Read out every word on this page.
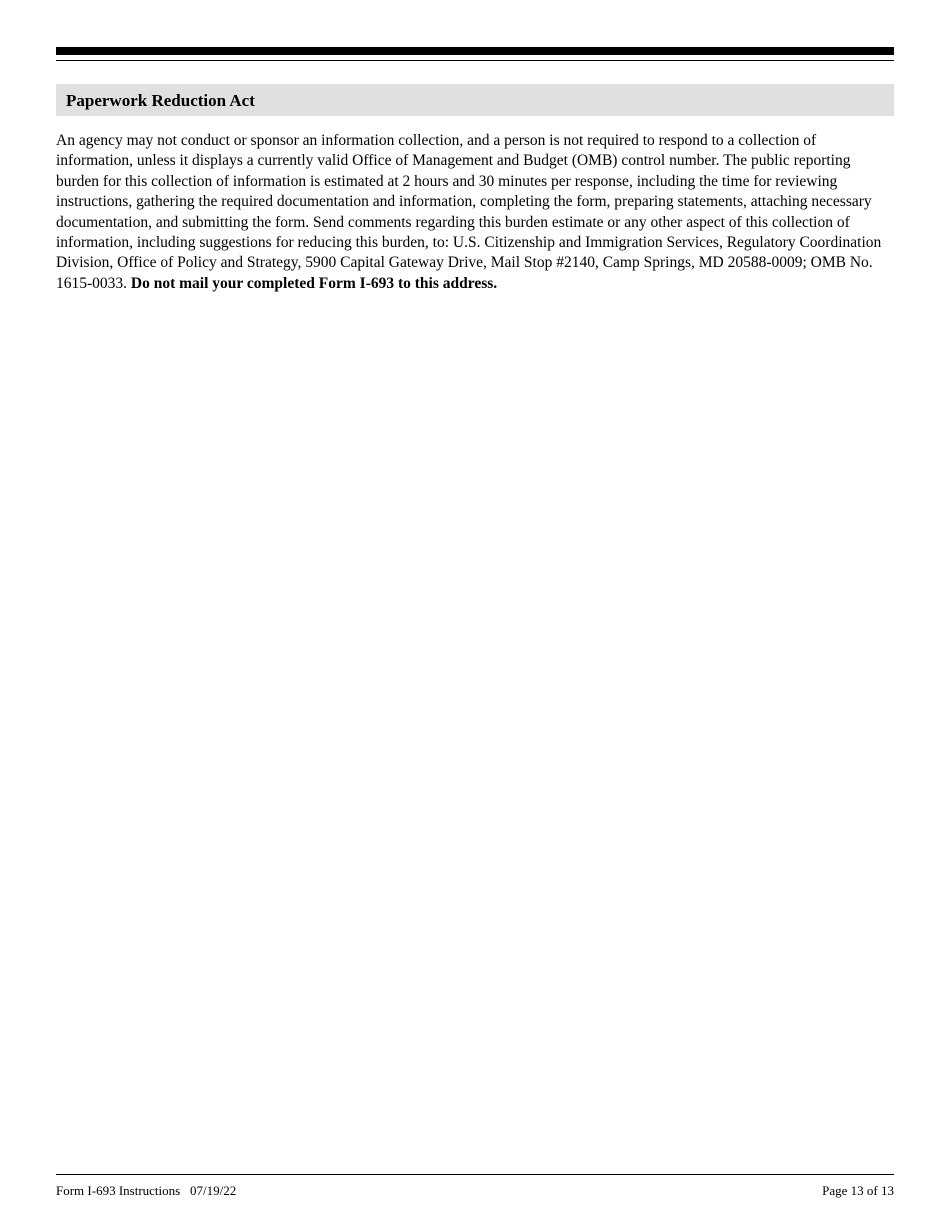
Paperwork Reduction Act

An agency may not conduct or sponsor an information collection, and a person is not required to respond to a collection of information, unless it displays a currently valid Office of Management and Budget (OMB) control number. The public reporting burden for this collection of information is estimated at 2 hours and 30 minutes per response, including the time for reviewing instructions, gathering the required documentation and information, completing the form, preparing statements, attaching necessary documentation, and submitting the form. Send comments regarding this burden estimate or any other aspect of this collection of information, including suggestions for reducing this burden, to: U.S. Citizenship and Immigration Services, Regulatory Coordination Division, Office of Policy and Strategy, 5900 Capital Gateway Drive, Mail Stop #2140, Camp Springs, MD 20588-0009; OMB No. 1615-0033. Do not mail your completed Form I-693 to this address.

Form I-693 Instructions 07/19/22	Page 13 of 13
